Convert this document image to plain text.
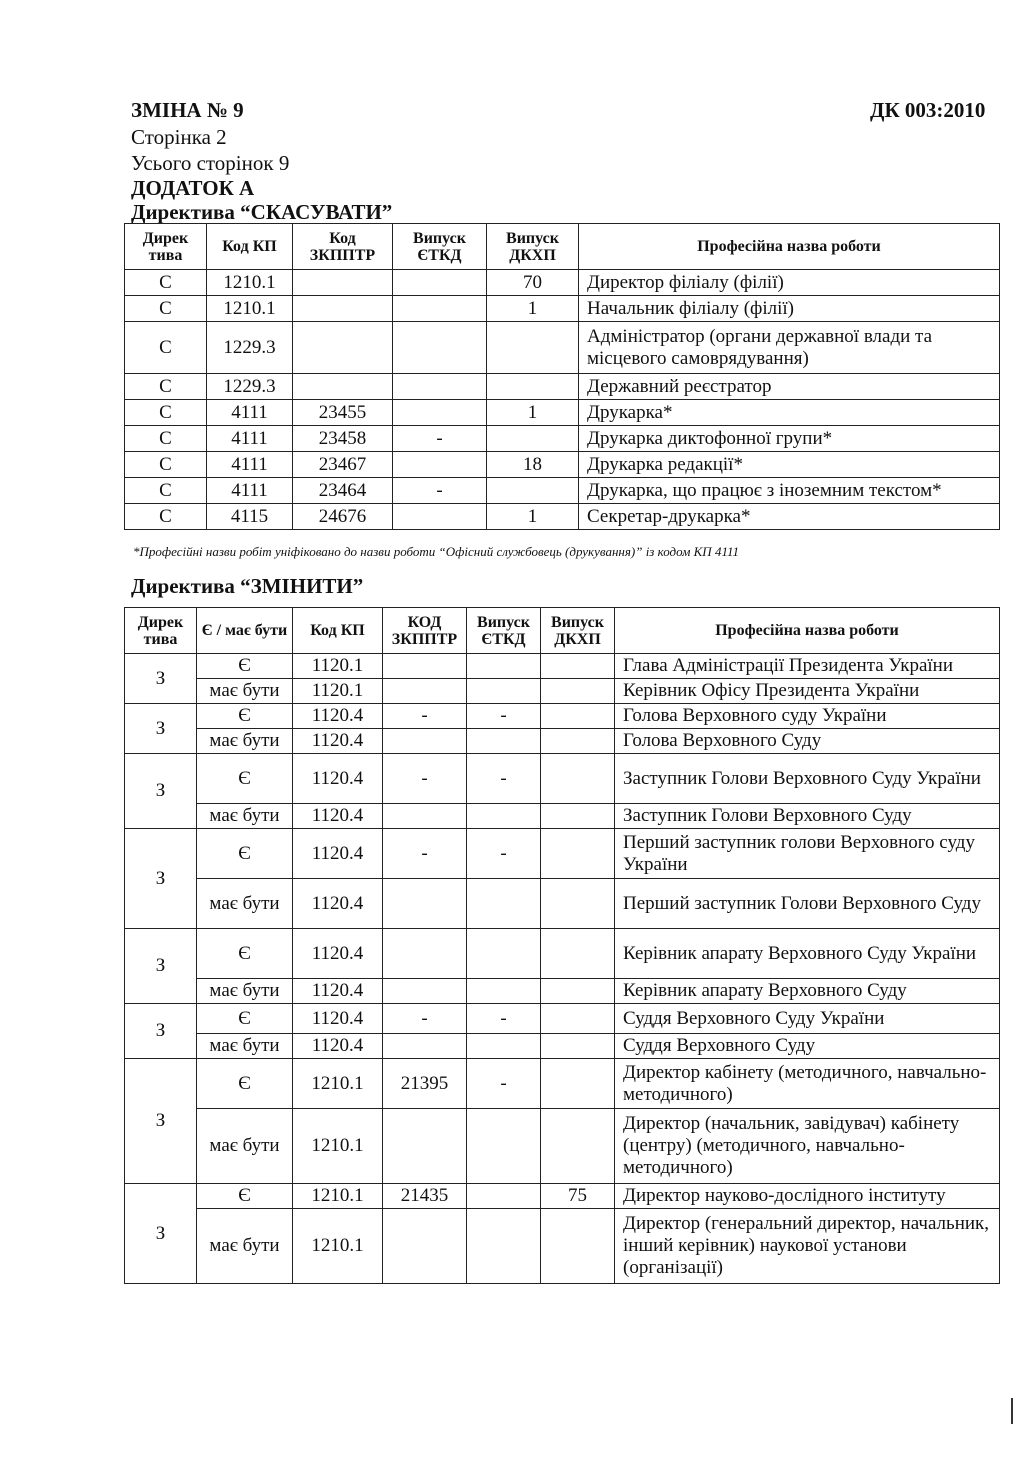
ЗМІНА № 9	ДК 003:2010
Сторінка 2
Усього сторінок 9
ДОДАТОК А
Директива “СКАСУВАТИ”
Дирек тива	Код КП	Код ЗКППТР	Випуск ЄТКД	Випуск ДКХП	Професійна назва роботи
С	1210.1			70	Директор філіалу (філії)
С	1210.1			1	Начальник філіалу (філії)
С	1229.3				Адміністратор (органи державної влади та місцевого самоврядування)
С	1229.3				Державний реєстратор
С	4111	23455		1	Друкарка*
С	4111	23458	-		Друкарка диктофонної групи*
С	4111	23467		18	Друкарка редакції*
С	4111	23464	-		Друкарка, що працює з іноземним текстом*
С	4115	24676		1	Секретар-друкарка*
*Професійні назви робіт уніфіковано до назви роботи “Офісний службовець (друкування)” із кодом КП 4111
Директива “ЗМІНИТИ”
Дирек тива	Є / має бути	Код КП	КОД ЗКППТР	Випуск ЄТКД	Випуск ДКХП	Професійна назва роботи
З	Є	1120.1				Глава Адміністрації Президента України
	має бути	1120.1				Керівник Офісу Президента України
З	Є	1120.4	-	-		Голова Верховного суду України
	має бути	1120.4				Голова Верховного Суду
З	Є	1120.4	-	-		Заступник Голови Верховного Суду України
	має бути	1120.4				Заступник Голови Верховного Суду
З	Є	1120.4	-	-		Перший заступник голови Верховного суду України
	має бути	1120.4				Перший заступник Голови Верховного Суду
З	Є	1120.4				Керівник апарату Верховного Суду України
	має бути	1120.4				Керівник апарату Верховного Суду
З	Є	1120.4	-	-		Суддя Верховного Суду України
	має бути	1120.4				Суддя Верховного Суду
З	Є	1210.1	21395	-		Директор кабінету (методичного, навчально-методичного)
	має бути	1210.1				Директор (начальник, завідувач) кабінету (центру) (методичного, навчально-методичного)
З	Є	1210.1	21435		75	Директор науково-дослідного інституту
	має бути	1210.1				Директор (генеральний директор, начальник, інший керівник) наукової установи (організації)
